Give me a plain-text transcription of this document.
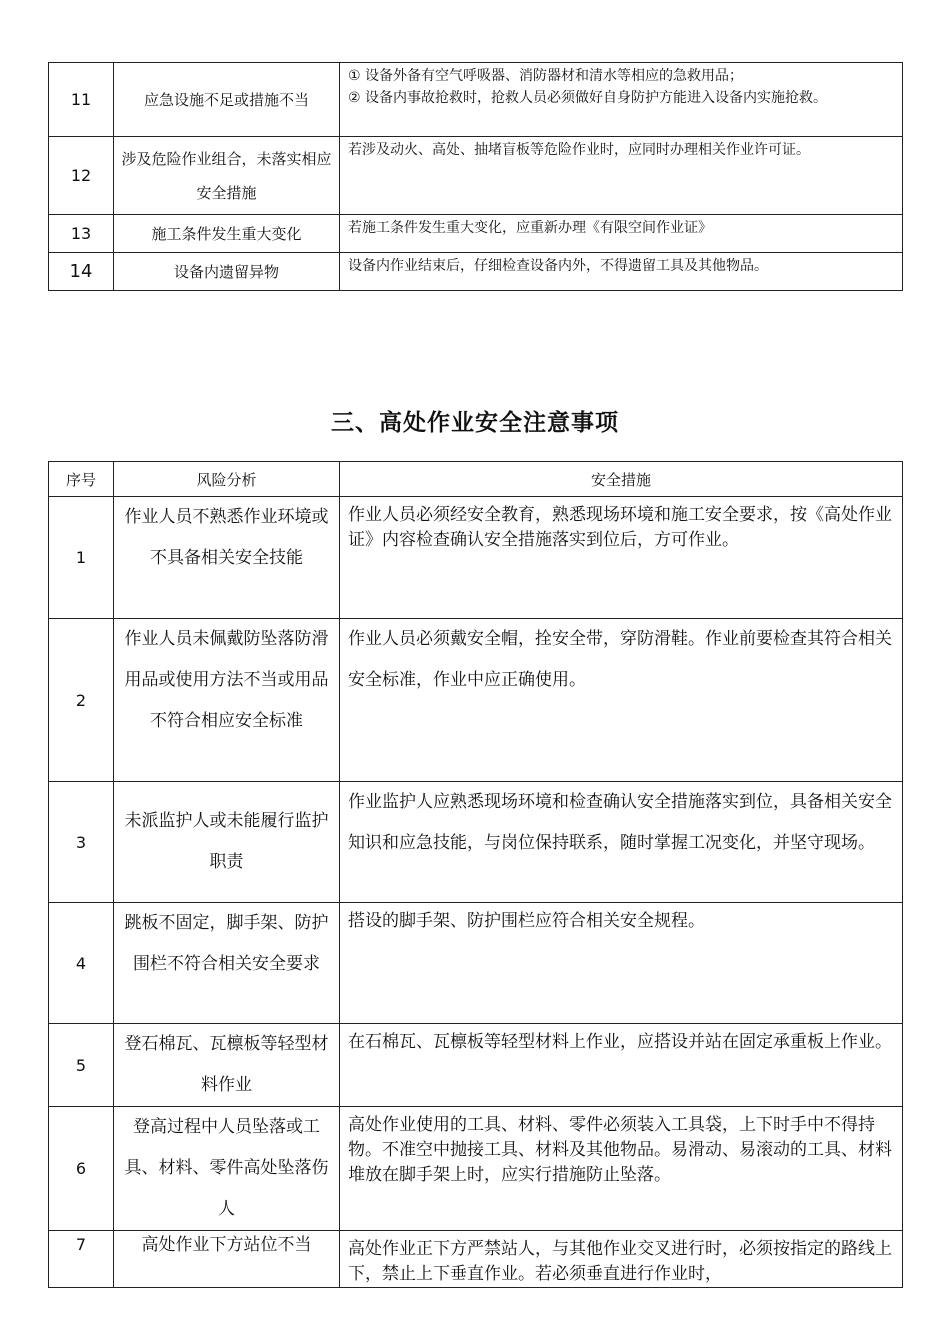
11	应急设施不足或措施不当	① 设备外备有空气呼吸器、消防器材和清水等相应的急救用品；
② 设备内事故抢救时，抢救人员必须做好自身防护方能进入设备内实施抢救。

12	涉及危险作业组合，未落实相应安全措施	若涉及动火、高处、抽堵盲板等危险作业时，应同时办理相关作业许可证。
13	施工条件发生重大变化	若施工条件发生重大变化，应重新办理《有限空间作业证》
14	设备内遗留异物	设备内作业结束后，仔细检查设备内外，不得遗留工具及其他物品。
三、高处作业安全注意事项
序号	风险分析	安全措施
1	作业人员不熟悉作业环境或不具备相关安全技能	作业人员必须经安全教育，熟悉现场环境和施工安全要求，按《高处作业证》内容检查确认安全措施落实到位后，方可作业。
2	作业人员未佩戴防坠落防滑用品或使用方法不当或用品不符合相应安全标准	作业人员必须戴安全帽，拴安全带，穿防滑鞋。作业前要检查其符合相关安全标准，作业中应正确使用。
3	未派监护人或未能履行监护职责	作业监护人应熟悉现场环境和检查确认安全措施落实到位，具备相关安全知识和应急技能，与岗位保持联系，随时掌握工况变化，并坚守现场。
4	跳板不固定，脚手架、防护围栏不符合相关安全要求	搭设的脚手架、防护围栏应符合相关安全规程。
5	登石棉瓦、瓦檩板等轻型材料作业	在石棉瓦、瓦檩板等轻型材料上作业，应搭设并站在固定承重板上作业。
6	登高过程中人员坠落或工具、材料、零件高处坠落伤人	高处作业使用的工具、材料、零件必须装入工具袋，上下时手中不得持物。不准空中抛接工具、材料及其他物品。易滑动、易滚动的工具、材料堆放在脚手架上时，应实行措施防止坠落。
7	高处作业下方站位不当	高处作业正下方严禁站人，与其他作业交叉进行时，必须按指定的路线上下，禁止上下垂直作业。若必须垂直进行作业时，
